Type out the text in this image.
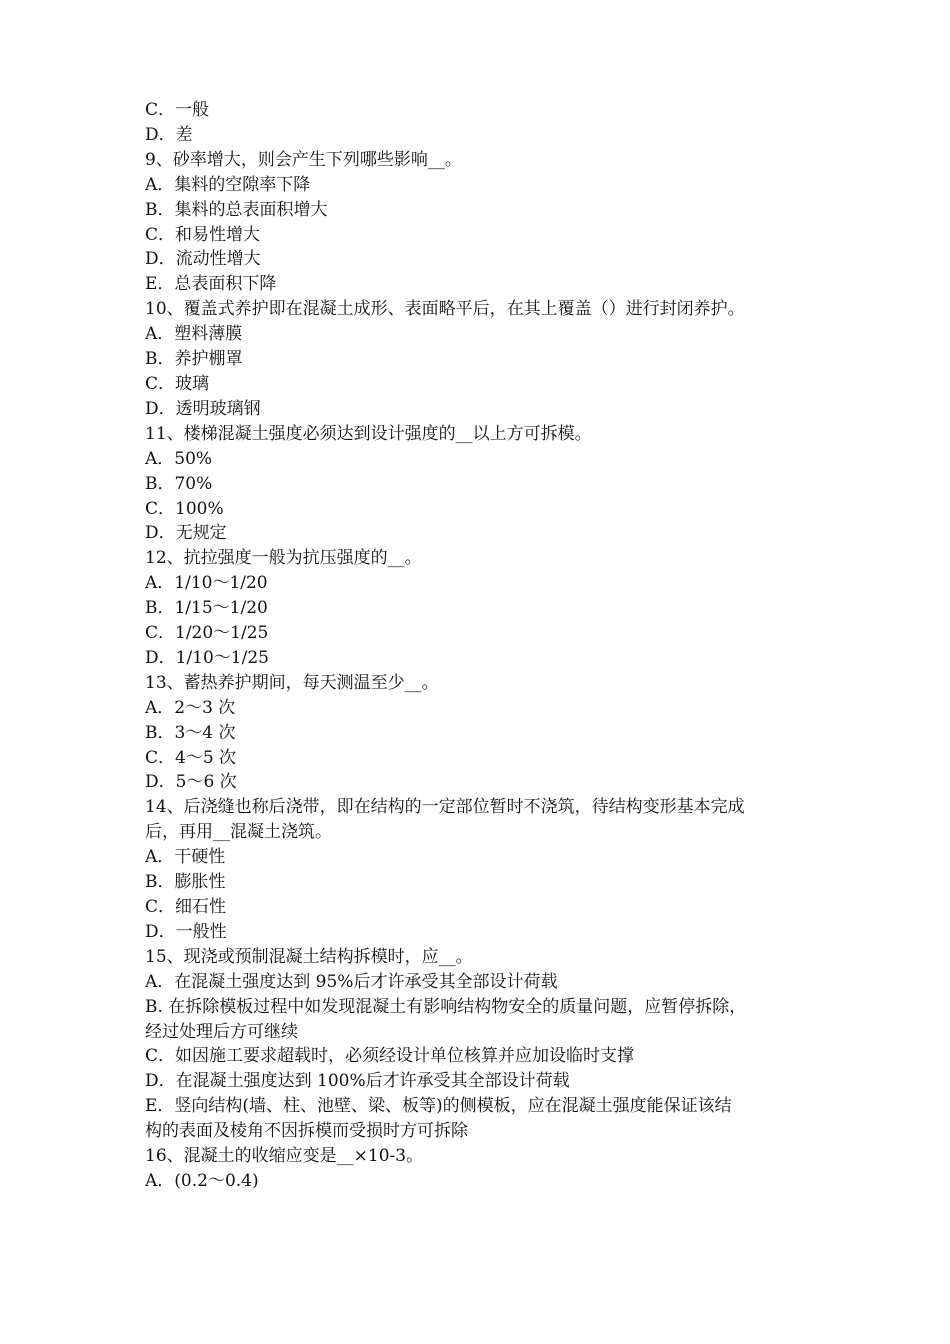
C．一般
D．差
9、砂率增大，则会产生下列哪些影响__。
A．集料的空隙率下降
B．集料的总表面积增大
C．和易性增大
D．流动性增大
E．总表面积下降
10、覆盖式养护即在混凝土成形、表面略平后，在其上覆盖（）进行封闭养护。
A．塑料薄膜
B．养护棚罩
C．玻璃
D．透明玻璃钢
11、楼梯混凝土强度必须达到设计强度的__以上方可拆模。
A．50%
B．70%
C．100%
D．无规定
12、抗拉强度一般为抗压强度的__。
A．1/10～1/20
B．1/15～1/20
C．1/20～1/25
D．1/10～1/25
13、蓄热养护期间，每天测温至少__。
A．2～3 次
B．3～4 次
C．4～5 次
D．5～6 次
14、后浇缝也称后浇带，即在结构的一定部位暂时不浇筑，待结构变形基本完成
后，再用__混凝土浇筑。
A．干硬性
B．膨胀性
C．细石性
D．一般性
15、现浇或预制混凝土结构拆模时，应__。
A．在混凝土强度达到 95%后才许承受其全部设计荷载
B. 在拆除模板过程中如发现混凝土有影响结构物安全的质量问题，应暂停拆除，
经过处理后方可继续
C．如因施工要求超载时，必须经设计单位核算并应加设临时支撑
D．在混凝土强度达到 100%后才许承受其全部设计荷载
E．竖向结构(墙、柱、池壁、梁、板等)的侧模板，应在混凝土强度能保证该结
构的表面及棱角不因拆模而受损时方可拆除
16、混凝土的收缩应变是__×10-3。
A．(0.2～0.4)
